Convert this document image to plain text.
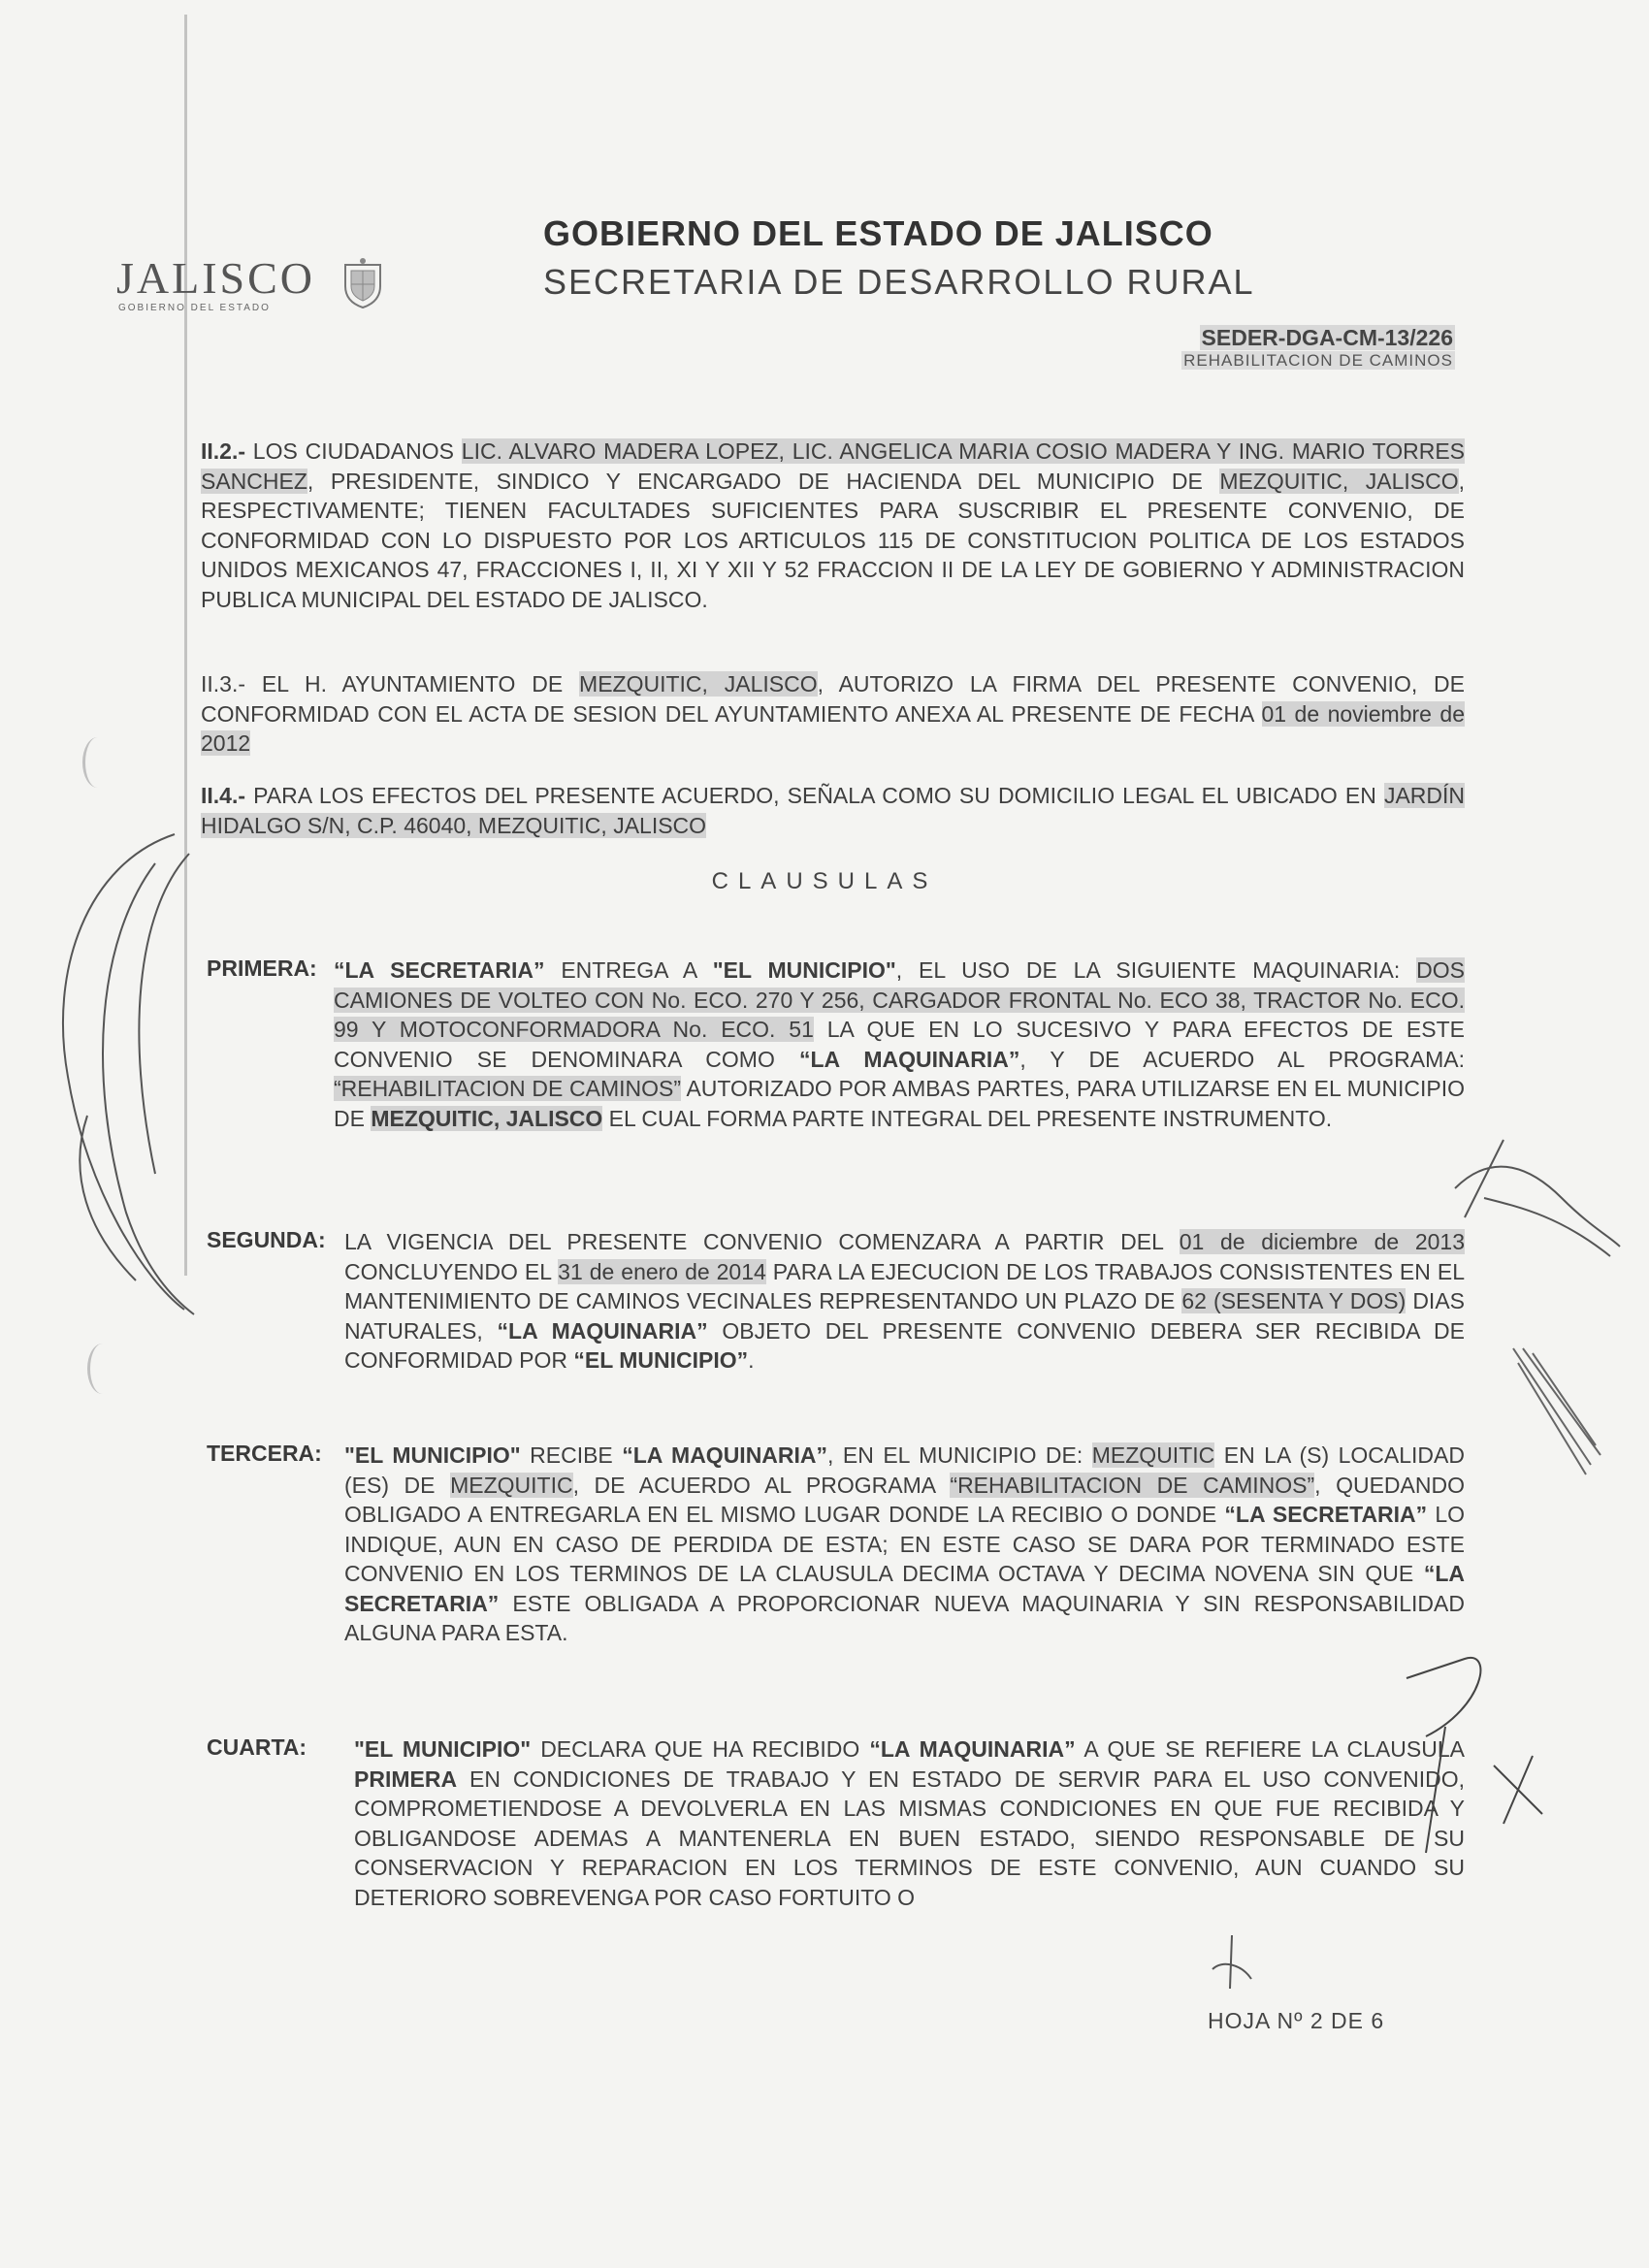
JALISCO
GOBIERNO DEL ESTADO

GOBIERNO DEL ESTADO DE JALISCO

SECRETARIA DE DESARROLLO RURAL

SEDER-DGA-CM-13/226
REHABILITACION DE CAMINOS

II.2.- LOS CIUDADANOS LIC. ALVARO MADERA LOPEZ, LIC. ANGELICA MARIA COSIO MADERA Y ING. MARIO TORRES SANCHEZ, PRESIDENTE, SINDICO Y ENCARGADO DE HACIENDA DEL MUNICIPIO DE MEZQUITIC, JALISCO, RESPECTIVAMENTE; TIENEN FACULTADES SUFICIENTES PARA SUSCRIBIR EL PRESENTE CONVENIO, DE CONFORMIDAD CON LO DISPUESTO POR LOS ARTICULOS 115 DE CONSTITUCION POLITICA DE LOS ESTADOS UNIDOS MEXICANOS 47, FRACCIONES I, II, XI Y XII Y 52 FRACCION II DE LA LEY DE GOBIERNO Y ADMINISTRACION PUBLICA MUNICIPAL DEL ESTADO DE JALISCO.

II.3.- EL H. AYUNTAMIENTO DE MEZQUITIC, JALISCO, AUTORIZO LA FIRMA DEL PRESENTE CONVENIO, DE CONFORMIDAD CON EL ACTA DE SESION DEL AYUNTAMIENTO ANEXA AL PRESENTE DE FECHA 01 de noviembre de 2012

II.4.- PARA LOS EFECTOS DEL PRESENTE ACUERDO, SEÑALA COMO SU DOMICILIO LEGAL EL UBICADO EN JARDÍN HIDALGO S/N, C.P. 46040, MEZQUITIC, JALISCO

CLAUSULAS
PRIMERA: “LA SECRETARIA” ENTREGA A "EL MUNICIPIO", EL USO DE LA SIGUIENTE MAQUINARIA: DOS CAMIONES DE VOLTEO CON No. ECO. 270 Y 256, CARGADOR FRONTAL No. ECO 38, TRACTOR No. ECO. 99 Y MOTOCONFORMADORA No. ECO. 51 LA QUE EN LO SUCESIVO Y PARA EFECTOS DE ESTE CONVENIO SE DENOMINARA COMO “LA MAQUINARIA”, Y DE ACUERDO AL PROGRAMA: “REHABILITACION DE CAMINOS” AUTORIZADO POR AMBAS PARTES, PARA UTILIZARSE EN EL MUNICIPIO DE MEZQUITIC, JALISCO EL CUAL FORMA PARTE INTEGRAL DEL PRESENTE INSTRUMENTO.

SEGUNDA: LA VIGENCIA DEL PRESENTE CONVENIO COMENZARA A PARTIR DEL 01 de diciembre de 2013 CONCLUYENDO EL 31 de enero de 2014 PARA LA EJECUCION DE LOS TRABAJOS CONSISTENTES EN EL MANTENIMIENTO DE CAMINOS VECINALES REPRESENTANDO UN PLAZO DE 62 (SESENTA Y DOS) DIAS NATURALES, “LA MAQUINARIA” OBJETO DEL PRESENTE CONVENIO DEBERA SER RECIBIDA DE CONFORMIDAD POR “EL MUNICIPIO”.

TERCERA: "EL MUNICIPIO" RECIBE “LA MAQUINARIA”, EN EL MUNICIPIO DE: MEZQUITIC EN LA (S) LOCALIDAD (ES) DE MEZQUITIC, DE ACUERDO AL PROGRAMA “REHABILITACION DE CAMINOS”, QUEDANDO OBLIGADO A ENTREGARLA EN EL MISMO LUGAR DONDE LA RECIBIO O DONDE “LA SECRETARIA” LO INDIQUE, AUN EN CASO DE PERDIDA DE ESTA; EN ESTE CASO SE DARA POR TERMINADO ESTE CONVENIO EN LOS TERMINOS DE LA CLAUSULA DECIMA OCTAVA Y DECIMA NOVENA SIN QUE “LA SECRETARIA” ESTE OBLIGADA A PROPORCIONAR NUEVA MAQUINARIA Y SIN RESPONSABILIDAD ALGUNA PARA ESTA.

CUARTA: "EL MUNICIPIO" DECLARA QUE HA RECIBIDO “LA MAQUINARIA” A QUE SE REFIERE LA CLAUSULA PRIMERA EN CONDICIONES DE TRABAJO Y EN ESTADO DE SERVIR PARA EL USO CONVENIDO, COMPROMETIENDOSE A DEVOLVERLA EN LAS MISMAS CONDICIONES EN QUE FUE RECIBIDA Y OBLIGANDOSE ADEMAS A MANTENERLA EN BUEN ESTADO, SIENDO RESPONSABLE DE SU CONSERVACION Y REPARACION EN LOS TERMINOS DE ESTE CONVENIO, AUN CUANDO SU DETERIORO SOBREVENGA POR CASO FORTUITO O

HOJA Nº 2 DE 6
